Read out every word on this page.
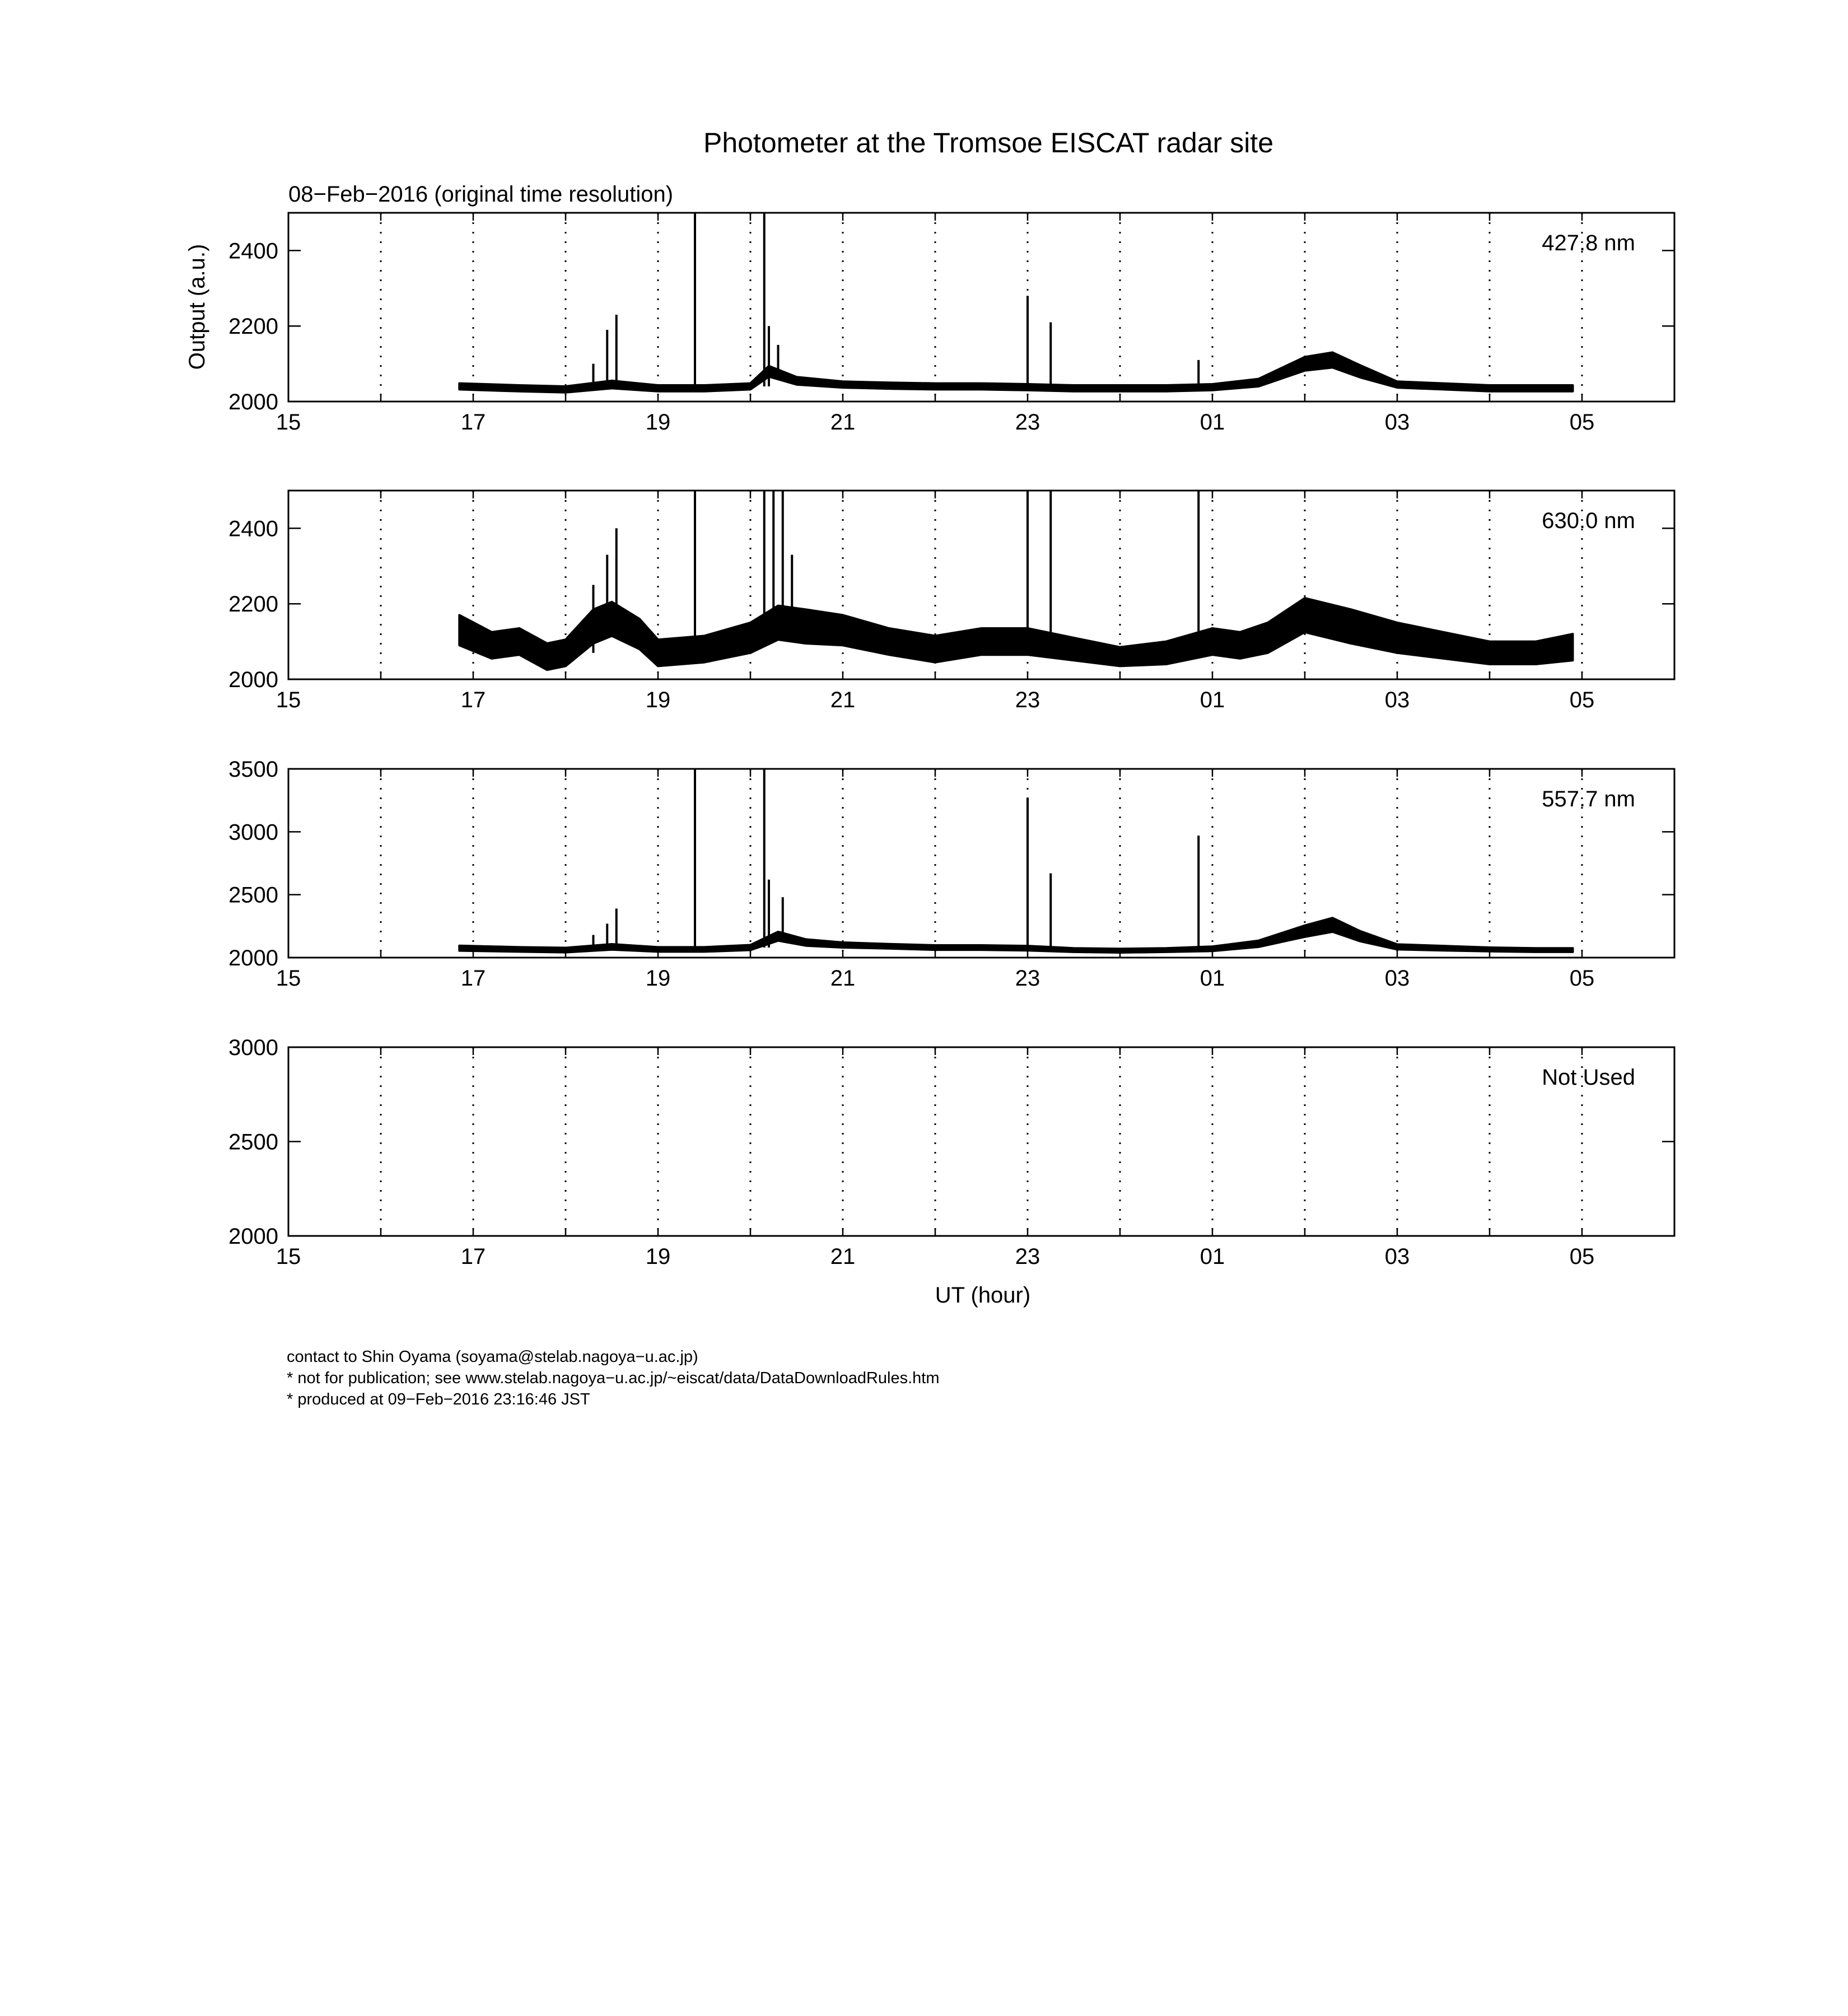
Photometer at the Tromsoe EISCAT radar site
08−Feb−2016 (original time resolution)
Output (a.u.)
UT (hour)
15	17	19	21	23	01	03	05
2000
2200
2400	427.8 nm
15	17	19	21	23	01	03	05
2000
2200
2400	630.0 nm
15	17	19	21	23	01	03	05
2000
2500
3000
3500
557.7 nm
15	17	19	21	23	01	03	05
2000
2500
3000
Not Used
contact to Shin Oyama (soyama@stelab.nagoya−u.ac.jp)
* not for publication; see www.stelab.nagoya−u.ac.jp/~eiscat/data/DataDownloadRules.htm
* produced at 09−Feb−2016 23:16:46 JST
